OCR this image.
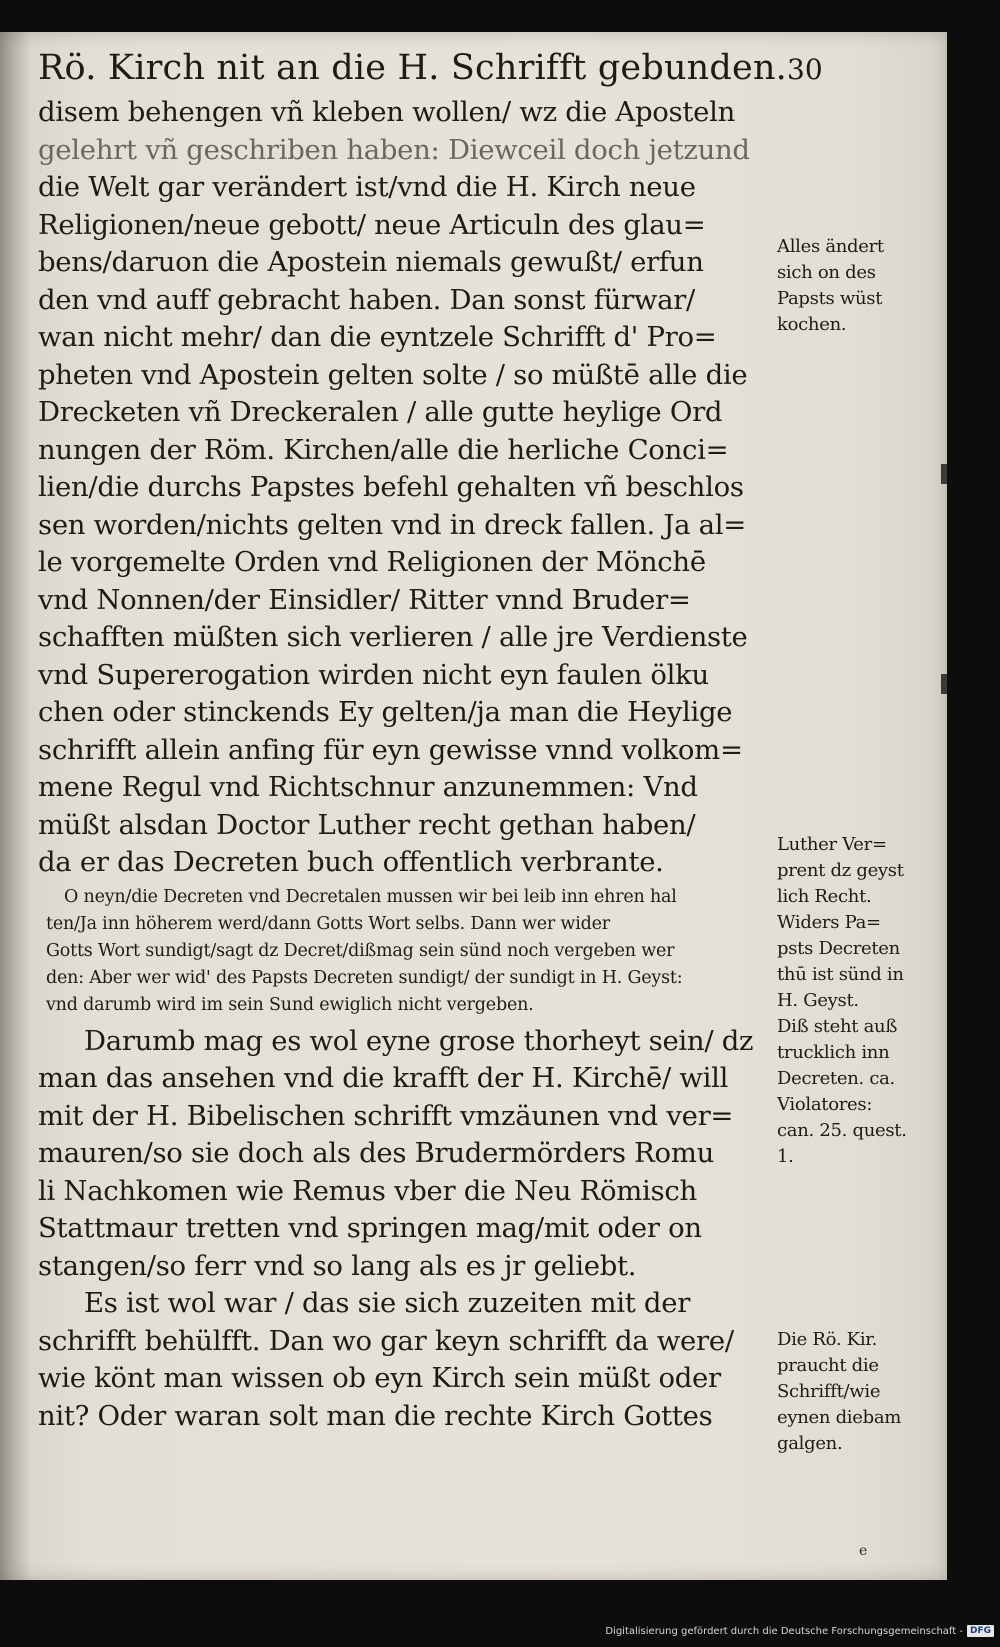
Rö. Kirch nit an die H. Schrifft gebunden. 30
disem behengen vñ kleben wollen/ wz die Aposteln
gelehrt vñ geschriben haben: Diewceil doch jetzund
die Welt gar verändert ist/vnd die H. Kirch neue
Religionen/neue gebott/ neue Articuln des glau=
bens/daruon die Apostein niemals gewußt/ erfun
den vnd auff gebracht haben. Dan sonst fürwar/
wan nicht mehr/ dan die eyntzele Schrifft d' Pro=
pheten vnd Apostein gelten solte / so müßtē alle die
Drecketen vñ Dreckeralen / alle gutte heylige Ord
nungen der Röm. Kirchen/alle die herliche Conci=
lien/die durchs Papstes befehl gehalten vñ beschlos
sen worden/nichts gelten vnd in dreck fallen. Ja al=
le vorgemelte Orden vnd Religionen der Mönchē
vnd Nonnen/der Einsidler/ Ritter vnnd Bruder=
schafften müßten sich verlieren / alle jre Verdienste
vnd Supererogation wirden nicht eyn faulen ölku
chen oder stinckends Ey gelten/ja man die Heylige
schrifft allein anfing für eyn gewisse vnnd volkom=
mene Regul vnd Richtschnur anzunemmen: Vnd
müßt alsdan Doctor Luther recht gethan haben/
da er das Decreten buch offentlich verbrante.
O neyn/die Decreten vnd Decretalen mussen wir bei leib inn ehren hal
ten/Ja inn höherem werd/dann Gotts Wort selbs. Dann wer wider
Gotts Wort sundigt/sagt dz Decret/dißmag sein sünd noch vergeben wer
den: Aber wer wid' des Papsts Decreten sundigt/ der sundigt in H. Geyst:
vnd darumb wird im sein Sund ewiglich nicht vergeben.
Darumb mag es wol eyne grose thorheyt sein/ dz
man das ansehen vnd die krafft der H. Kirchē/ will
mit der H. Bibelischen schrifft vmzäunen vnd ver=
mauren/so sie doch als des Brudermörders Romu
li Nachkomen wie Remus vber die Neu Römisch
Stattmaur tretten vnd springen mag/mit oder on
stangen/so ferr vnd so lang als es jr geliebt.
Es ist wol war / das sie sich zuzeiten mit der
schrifft behülfft. Dan wo gar keyn schrifft da were/
wie könt man wissen ob eyn Kirch sein müßt oder
nit? Oder waran solt man die rechte Kirch Gottes
Alles ändert
sich on des
Papsts wüst
kochen.
Luther Ver=
prent dz geyst
lich Recht.
Widers Pa=
psts Decreten
thū ist sünd in
H. Geyst.
Diß steht auß
trucklich inn
Decreten. ca.
Violatores:
can. 25. quest.
1.
Die Rö. Kir.
praucht die
Schrifft/wie
eynen diebam
galgen.
e
Digitalisierung gefördert durch die Deutsche Forschungsgemeinschaft - DFG
